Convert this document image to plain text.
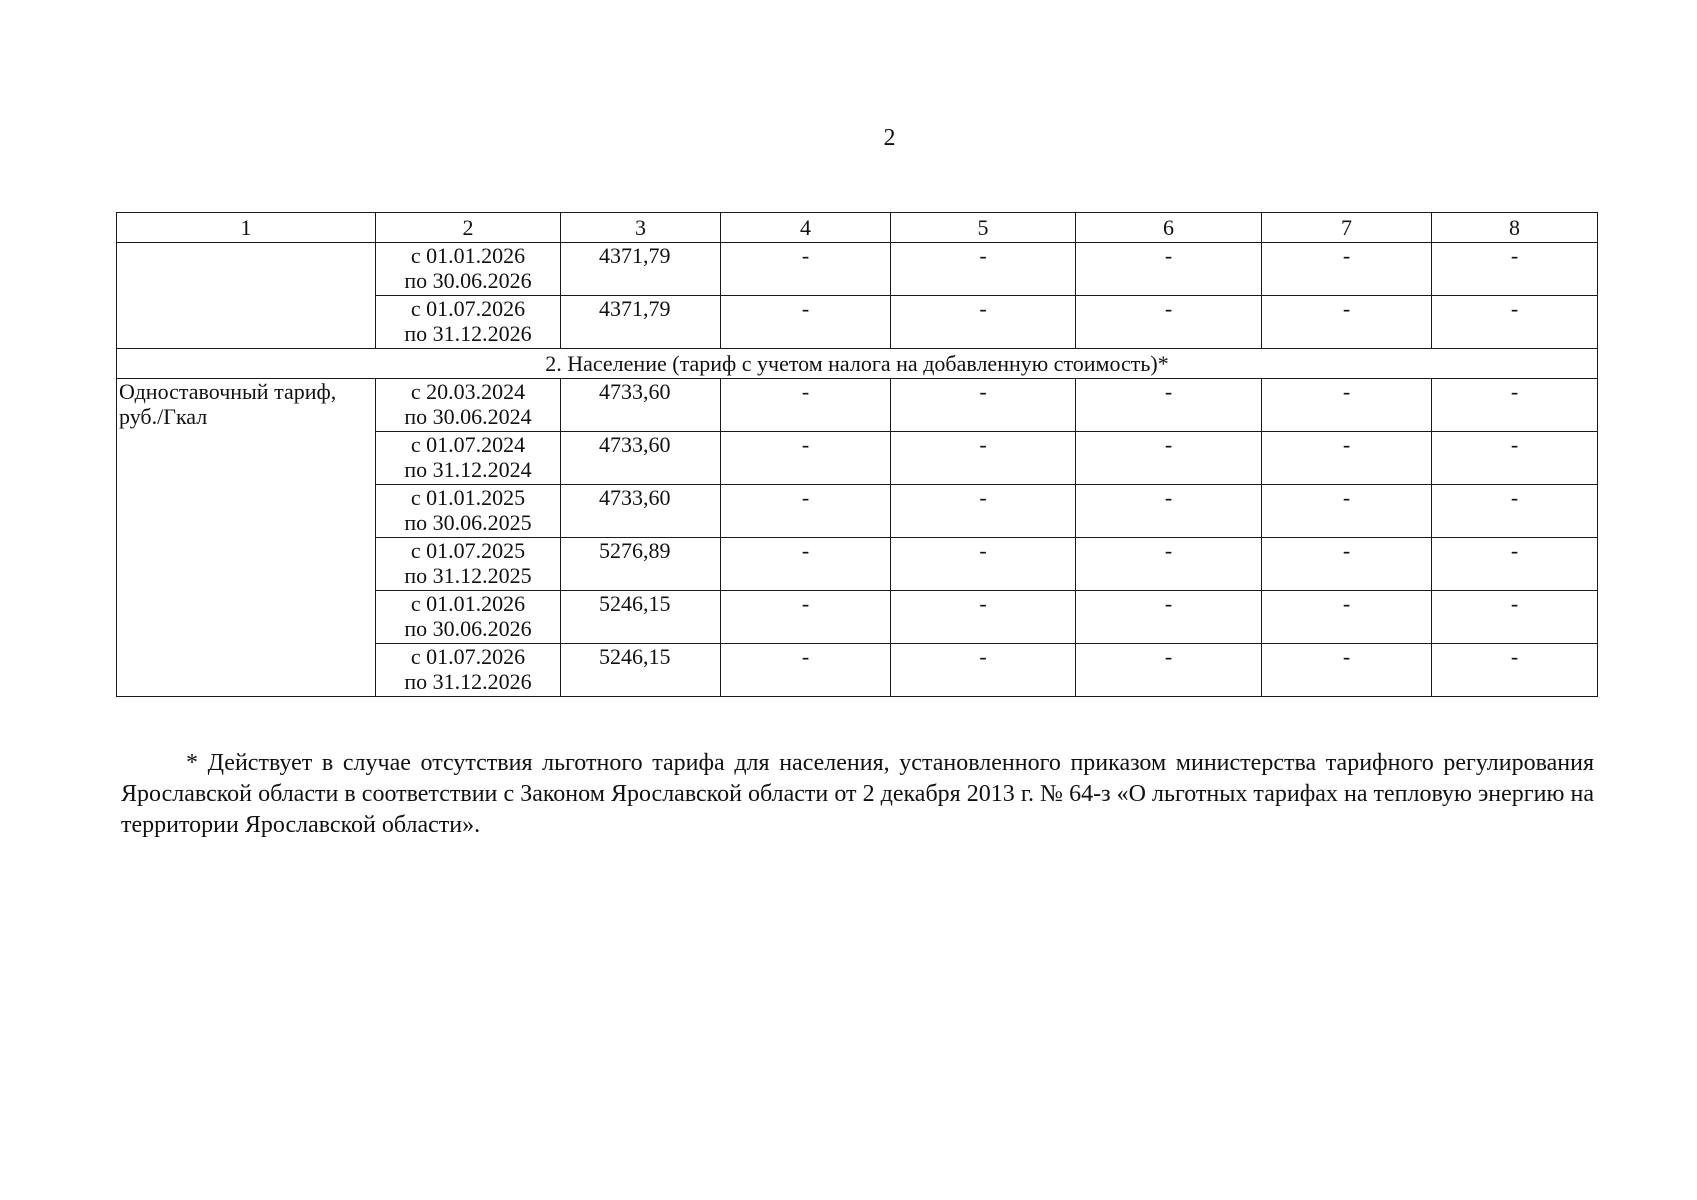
2
1	2	3	4	5	6	7	8

	с 01.01.2026
по 30.06.2026	4371,79	-	-	-	-	-

	с 01.07.2026
по 31.12.2026	4371,79	-	-	-	-	-
2. Население (тариф с учетом налога на добавленную стоимость)*							

Одноставочный тариф,
руб./Гкал	с 20.03.2024
по 30.06.2024	4733,60	-	-	-	-	-

	с 01.07.2024
по 31.12.2024	4733,60	-	-	-	-	-

	с 01.01.2025
по 30.06.2025	4733,60	-	-	-	-	-

	с 01.07.2025
по 31.12.2025	5276,89	-	-	-	-	-

	с 01.01.2026
по 30.06.2026	5246,15	-	-	-	-	-

	с 01.07.2026
по 31.12.2026	5246,15	-	-	-	-	-

* Действует в случае отсутствия льготного тарифа для населения, установленного приказом министерства тарифного регулирования Ярославской области в соответствии с Законом Ярославской области от 2 декабря 2013 г. № 64-з «О льготных тарифах на тепловую энергию на территории Ярославской области».
